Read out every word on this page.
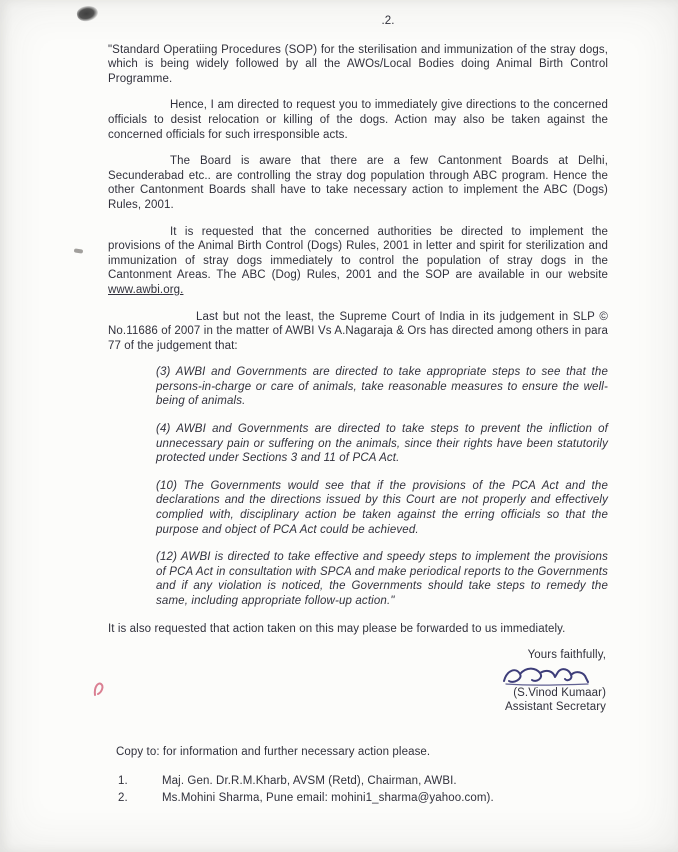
.2.

"Standard Operatiing Procedures (SOP) for the sterilisation and immunization of the stray dogs, which is being widely followed by all the AWOs/Local Bodies doing Animal Birth Control Programme.

Hence, I am directed to request you to immediately give directions to the concerned officials to desist relocation or killing of the dogs. Action may also be taken against the concerned officials for such irresponsible acts.

The Board is aware that there are a few Cantonment Boards at Delhi, Secunderabad etc.. are controlling the stray dog population through ABC program. Hence the other Cantonment Boards shall have to take necessary action to implement the ABC (Dogs) Rules, 2001.

It is requested that the concerned authorities be directed to implement the provisions of the Animal Birth Control (Dogs) Rules, 2001 in letter and spirit for sterilization and immunization of stray dogs immediately to control the population of stray dogs in the Cantonment Areas. The ABC (Dog) Rules, 2001 and the SOP are available in our website www.awbi.org.

Last but not the least, the Supreme Court of India in its judgement in SLP © No.11686 of 2007 in the matter of AWBI Vs A.Nagaraja & Ors has directed among others in para 77 of the judgement that:

(3) AWBI and Governments are directed to take appropriate steps to see that the persons-in-charge or care of animals, take reasonable measures to ensure the well-being of animals.

(4) AWBI and Governments are directed to take steps to prevent the infliction of unnecessary pain or suffering on the animals, since their rights have been statutorily protected under Sections 3 and 11 of PCA Act.

(10) The Governments would see that if the provisions of the PCA Act and the declarations and the directions issued by this Court are not properly and effectively complied with, disciplinary action be taken against the erring officials so that the purpose and object of PCA Act could be achieved.

(12) AWBI is directed to take effective and speedy steps to implement the provisions of PCA Act in consultation with SPCA and make periodical reports to the Governments and if any violation is noticed, the Governments should take steps to remedy the same, including appropriate follow-up action."

It is also requested that action taken on this may please be forwarded to us immediately.

Yours faithfully,

(S.Vinod Kumaar)

Assistant Secretary

Copy to: for information and further necessary action please.

1.	Maj. Gen. Dr.R.M.Kharb, AVSM (Retd), Chairman, AWBI.
2.	Ms.Mohini Sharma, Pune email: mohini1_sharma@yahoo.com).
